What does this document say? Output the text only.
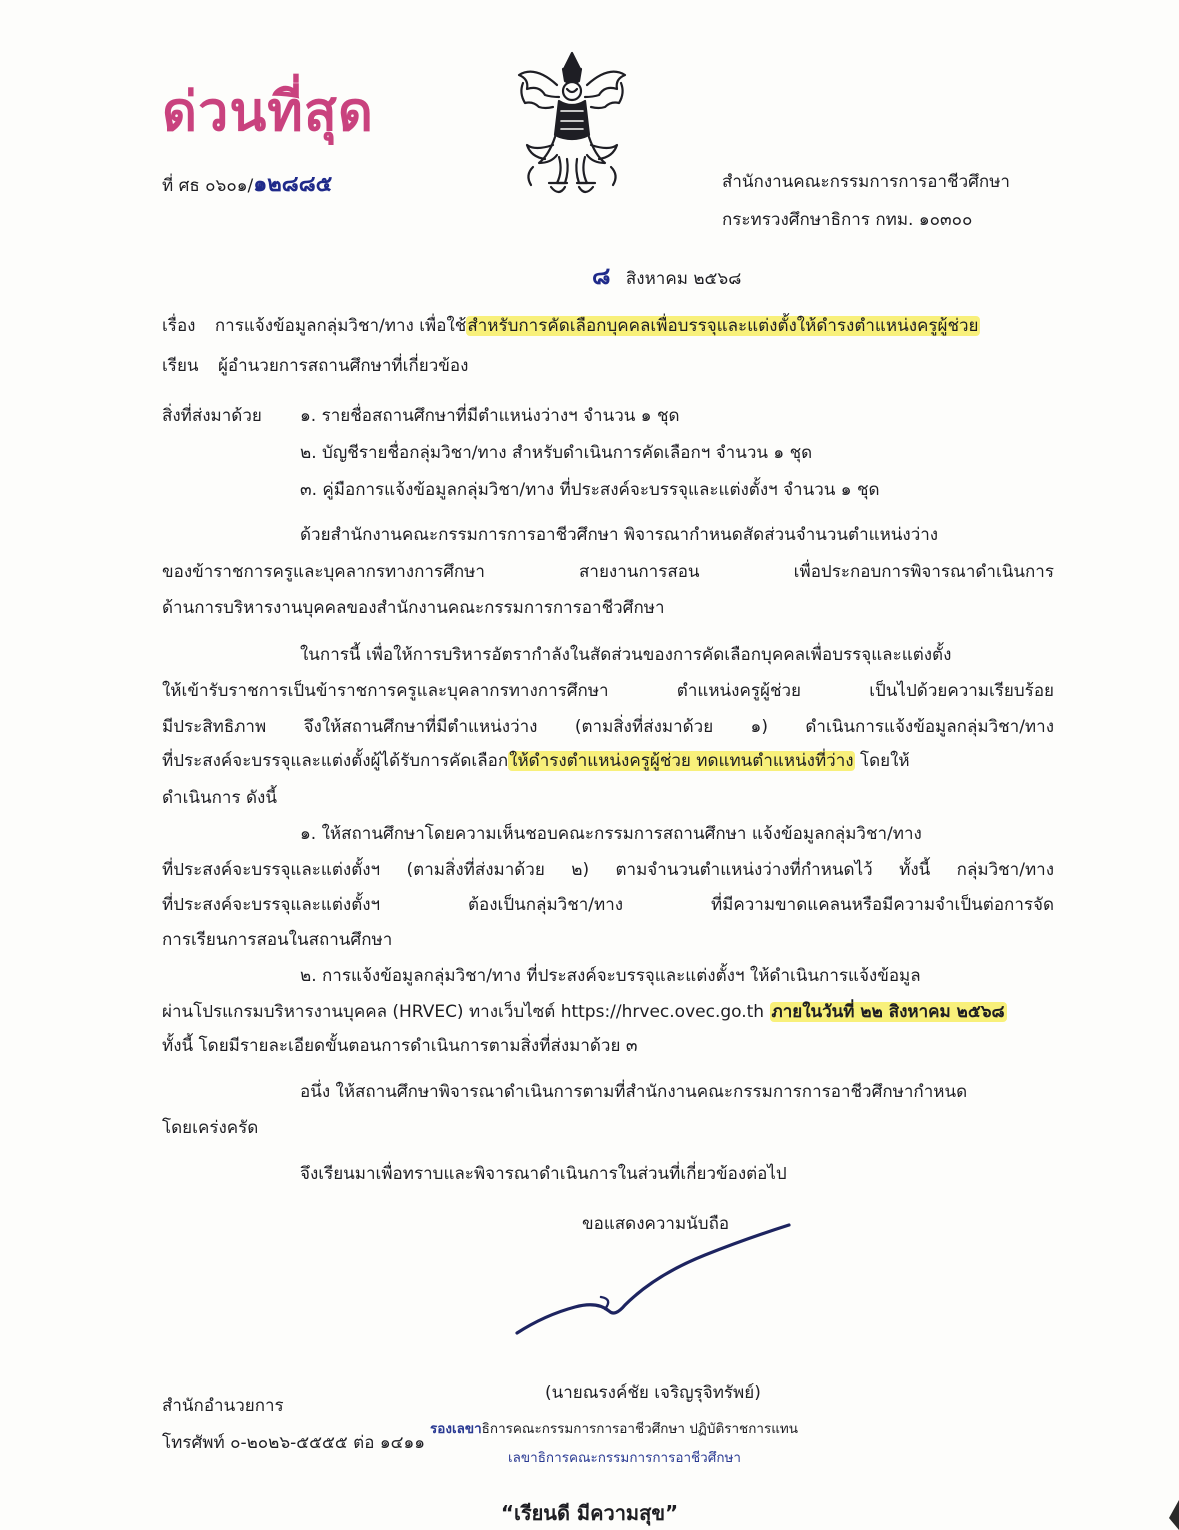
ด่วนที่สุด
ที่ ศธ ๐๖๐๑/๑๒๘๘๕	สำนักงานคณะกรรมการการอาชีวศึกษา
กระทรวงศึกษาธิการ กทม. ๑๐๓๐๐
๘ สิงหาคม ๒๕๖๘
เรื่อง การแจ้งข้อมูลกลุ่มวิชา/ทาง เพื่อใช้สำหรับการคัดเลือกบุคคลเพื่อบรรจุและแต่งตั้งให้ดำรงตำแหน่งครูผู้ช่วย
เรียน ผู้อำนวยการสถานศึกษาที่เกี่ยวข้อง
สิ่งที่ส่งมาด้วย ๑. รายชื่อสถานศึกษาที่มีตำแหน่งว่างฯ จำนวน ๑ ชุด
๒. บัญชีรายชื่อกลุ่มวิชา/ทาง สำหรับดำเนินการคัดเลือกฯ จำนวน ๑ ชุด
๓. คู่มือการแจ้งข้อมูลกลุ่มวิชา/ทาง ที่ประสงค์จะบรรจุและแต่งตั้งฯ จำนวน ๑ ชุด
ด้วยสำนักงานคณะกรรมการการอาชีวศึกษา พิจารณากำหนดสัดส่วนจำนวนตำแหน่งว่าง
ของข้าราชการครูและบุคลากรทางการศึกษา สายงานการสอน เพื่อประกอบการพิจารณาดำเนินการ
ด้านการบริหารงานบุคคลของสำนักงานคณะกรรมการการอาชีวศึกษา
ในการนี้ เพื่อให้การบริหารอัตรากำลังในสัดส่วนของการคัดเลือกบุคคลเพื่อบรรจุและแต่งตั้ง
ให้เข้ารับราชการเป็นข้าราชการครูและบุคลากรทางการศึกษา ตำแหน่งครูผู้ช่วย เป็นไปด้วยความเรียบร้อย
มีประสิทธิภาพ จึงให้สถานศึกษาที่มีตำแหน่งว่าง (ตามสิ่งที่ส่งมาด้วย ๑) ดำเนินการแจ้งข้อมูลกลุ่มวิชา/ทาง
ที่ประสงค์จะบรรจุและแต่งตั้งผู้ได้รับการคัดเลือกให้ดำรงตำแหน่งครูผู้ช่วย ทดแทนตำแหน่งที่ว่าง โดยให้
ดำเนินการ ดังนี้
๑. ให้สถานศึกษาโดยความเห็นชอบคณะกรรมการสถานศึกษา แจ้งข้อมูลกลุ่มวิชา/ทาง
ที่ประสงค์จะบรรจุและแต่งตั้งฯ (ตามสิ่งที่ส่งมาด้วย ๒) ตามจำนวนตำแหน่งว่างที่กำหนดไว้ ทั้งนี้ กลุ่มวิชา/ทาง
ที่ประสงค์จะบรรจุและแต่งตั้งฯ ต้องเป็นกลุ่มวิชา/ทาง ที่มีความขาดแคลนหรือมีความจำเป็นต่อการจัด
การเรียนการสอนในสถานศึกษา
๒. การแจ้งข้อมูลกลุ่มวิชา/ทาง ที่ประสงค์จะบรรจุและแต่งตั้งฯ ให้ดำเนินการแจ้งข้อมูล
ผ่านโปรแกรมบริหารงานบุคคล (HRVEC) ทางเว็บไซต์ https://hrvec.ovec.go.th ภายในวันที่ ๒๒ สิงหาคม ๒๕๖๘
ทั้งนี้ โดยมีรายละเอียดขั้นตอนการดำเนินการตามสิ่งที่ส่งมาด้วย ๓
อนึ่ง ให้สถานศึกษาพิจารณาดำเนินการตามที่สำนักงานคณะกรรมการการอาชีวศึกษากำหนด
โดยเคร่งครัด
จึงเรียนมาเพื่อทราบและพิจารณาดำเนินการในส่วนที่เกี่ยวข้องต่อไป
ขอแสดงความนับถือ
(นายณรงค์ชัย เจริญรุจิทรัพย์)
รองเลขาธิการคณะกรรมการการอาชีวศึกษา ปฏิบัติราชการแทน
เลขาธิการคณะกรรมการการอาชีวศึกษา
สำนักอำนวยการ
โทรศัพท์ ๐-๒๐๒๖-๕๕๕๕ ต่อ ๑๔๑๑
“เรียนดี มีความสุข”
